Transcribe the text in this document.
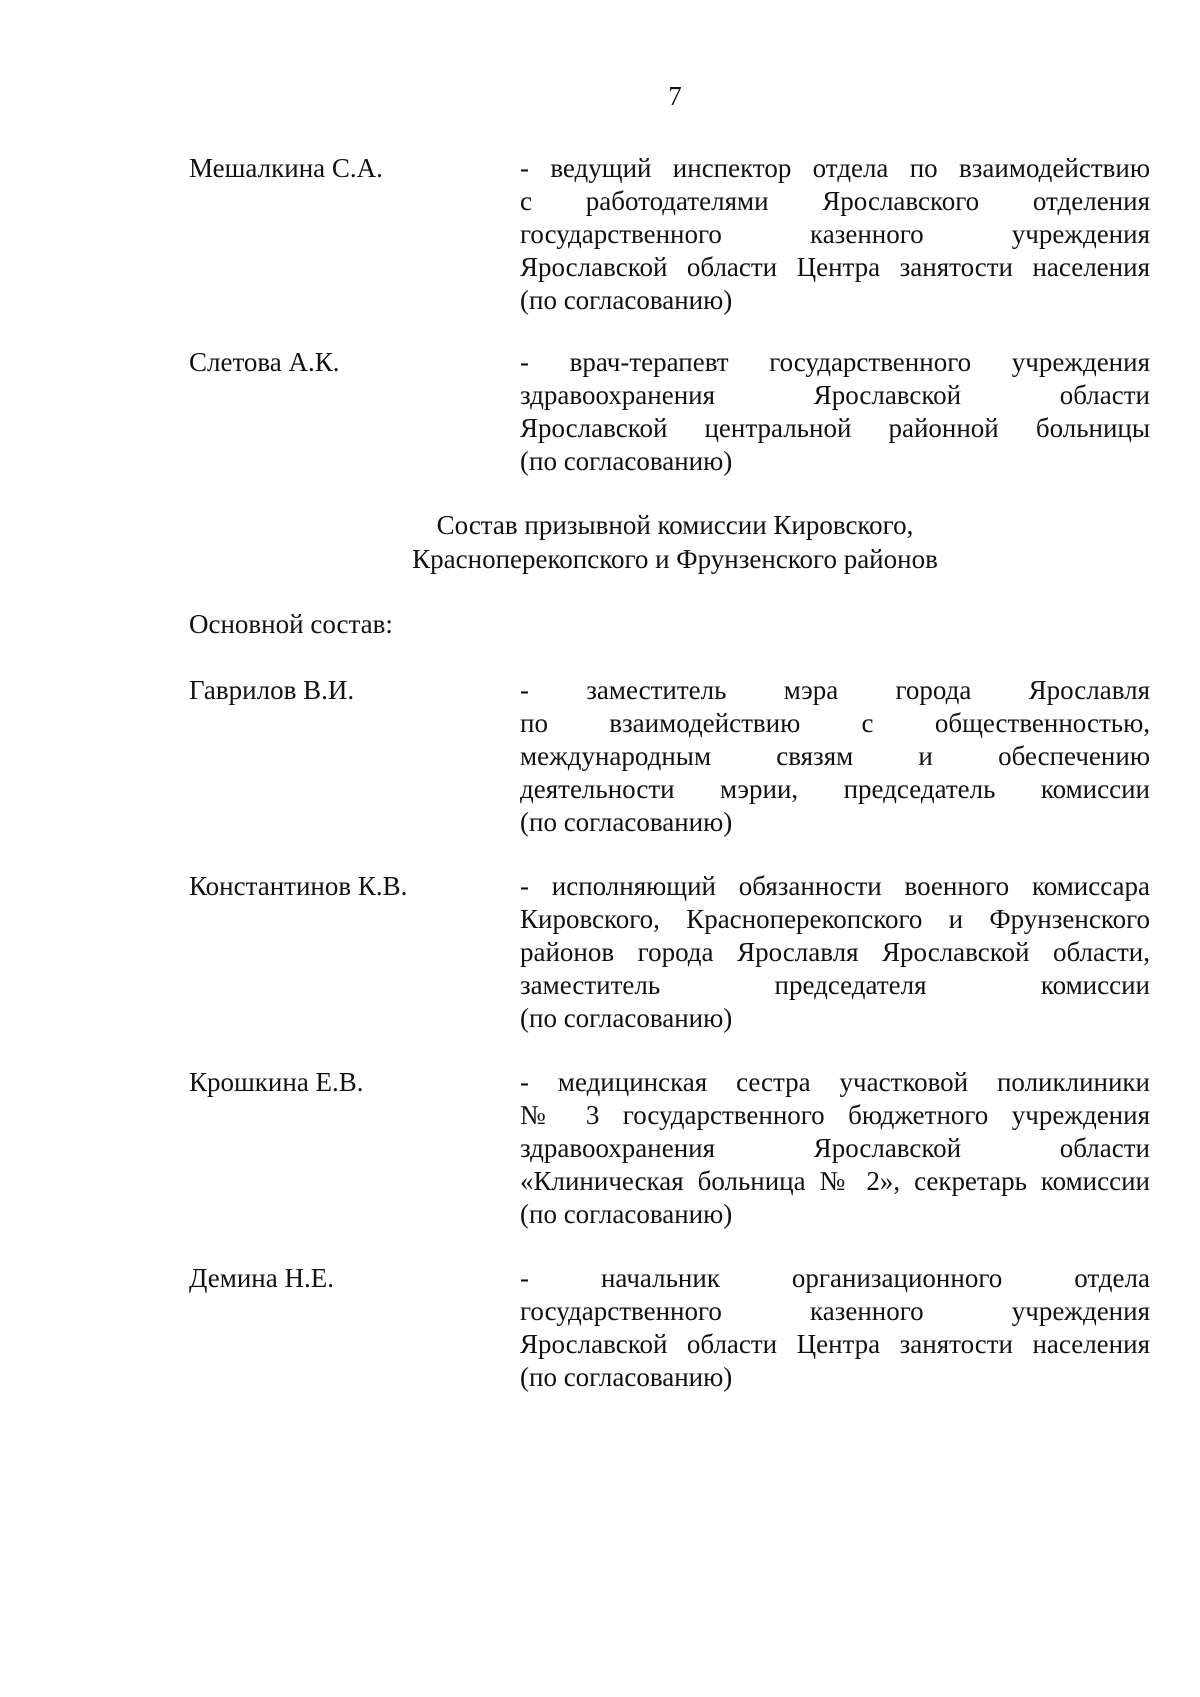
7
Мешалкина С.А.	- ведущий инспектор отдела по взаимодействию
с работодателями Ярославского отделения
государственного казенного учреждения
Ярославской области Центра занятости населения
(по согласованию)
Слетова А.К.	- врач-терапевт государственного учреждения
здравоохранения Ярославской области
Ярославской центральной районной больницы
(по согласованию)
Состав призывной комиссии Кировского,
Красноперекопского и Фрунзенского районов
Основной состав:
Гаврилов В.И.	- заместитель мэра города Ярославля
по взаимодействию с общественностью,
международным связям и обеспечению
деятельности мэрии, председатель комиссии
(по согласованию)
Константинов К.В.	- исполняющий обязанности военного комиссара
Кировского, Красноперекопского и Фрунзенского
районов города Ярославля Ярославской области,
заместитель председателя комиссии
(по согласованию)
Крошкина Е.В.	- медицинская сестра участковой поликлиники
№ 3 государственного бюджетного учреждения
здравоохранения Ярославской области
«Клиническая больница № 2», секретарь комиссии
(по согласованию)
Демина Н.Е.	- начальник организационного отдела
государственного казенного учреждения
Ярославской области Центра занятости населения
(по согласованию)
